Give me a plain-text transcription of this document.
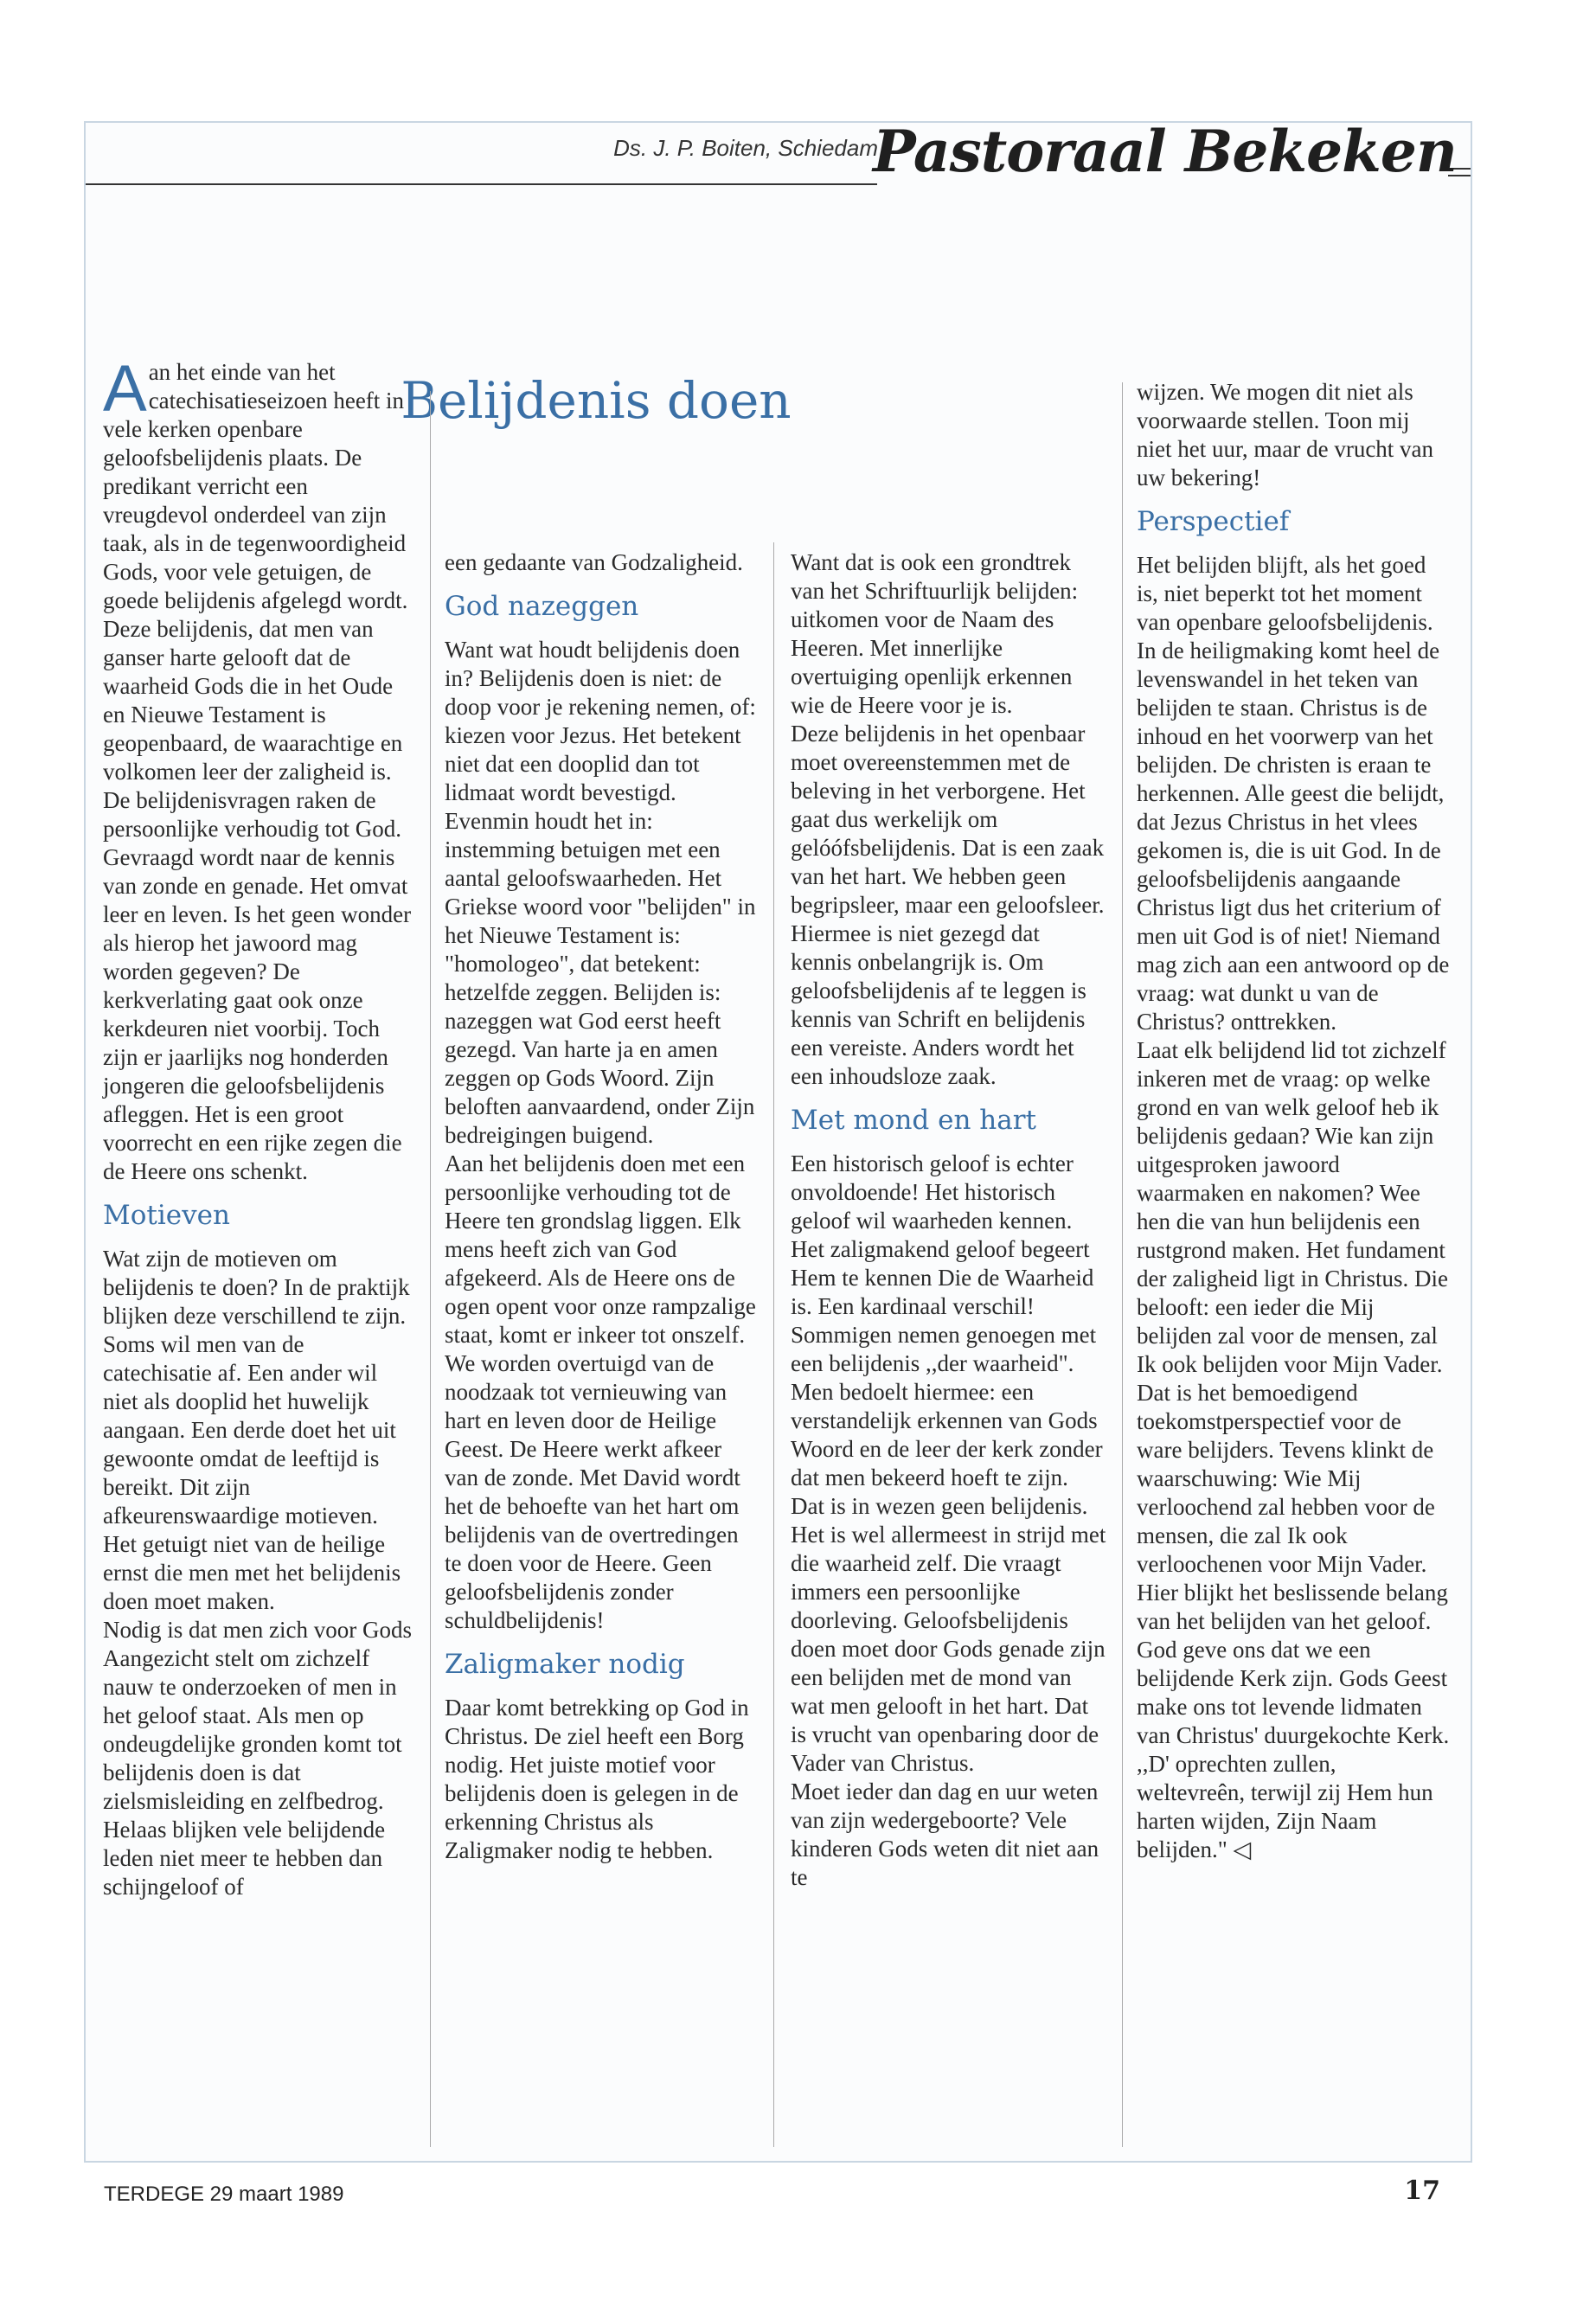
Ds. J. P. Boiten, Schiedam
Pastoraal Bekeken
Belijdenis doen

Aan het einde van het catechisatieseizoen heeft in vele kerken openbare geloofsbelijdenis plaats. De predikant verricht een vreugdevol onderdeel van zijn taak, als in de tegenwoordigheid Gods, voor vele getuigen, de goede belijdenis afgelegd wordt. Deze belijdenis, dat men van ganser harte gelooft dat de waarheid Gods die in het Oude en Nieuwe Testament is geopenbaard, de waarachtige en volkomen leer der zaligheid is. De belijdenisvragen raken de persoonlijke verhoudig tot God. Gevraagd wordt naar de kennis van zonde en genade. Het omvat leer en leven. Is het geen wonder als hierop het jawoord mag worden gegeven? De kerkverlating gaat ook onze kerkdeuren niet voorbij. Toch zijn er jaarlijks nog honderden jongeren die geloofsbelijdenis afleggen. Het is een groot voorrecht en een rijke zegen die de Heere ons schenkt.

Motieven

Wat zijn de motieven om belijdenis te doen? In de praktijk blijken deze verschillend te zijn. Soms wil men van de catechisatie af. Een ander wil niet als dooplid het huwelijk aangaan. Een derde doet het uit gewoonte omdat de leeftijd is bereikt. Dit zijn afkeurenswaardige motieven. Het getuigt niet van de heilige ernst die men met het belijdenis doen moet maken.

Nodig is dat men zich voor Gods Aangezicht stelt om zichzelf nauw te onderzoeken of men in het geloof staat. Als men op ondeugdelijke gronden komt tot belijdenis doen is dat zielsmisleiding en zelfbedrog. Helaas blijken vele belijdende leden niet meer te hebben dan schijngeloof of

een gedaante van Godzaligheid.

God nazeggen

Want wat houdt belijdenis doen in? Belijdenis doen is niet: de doop voor je rekening nemen, of: kiezen voor Jezus. Het betekent niet dat een dooplid dan tot lidmaat wordt bevestigd. Evenmin houdt het in: instemming betuigen met een aantal geloofswaarheden. Het Griekse woord voor "belijden" in het Nieuwe Testament is: "homologeo", dat betekent: hetzelfde zeggen. Belijden is: nazeggen wat God eerst heeft gezegd. Van harte ja en amen zeggen op Gods Woord. Zijn beloften aanvaardend, onder Zijn bedreigingen buigend.

Aan het belijdenis doen met een persoonlijke verhouding tot de Heere ten grondslag liggen. Elk mens heeft zich van God afgekeerd. Als de Heere ons de ogen opent voor onze rampzalige staat, komt er inkeer tot onszelf. We worden overtuigd van de noodzaak tot vernieuwing van hart en leven door de Heilige Geest. De Heere werkt afkeer van de zonde. Met David wordt het de behoefte van het hart om belijdenis van de overtredingen te doen voor de Heere. Geen geloofsbelijdenis zonder schuldbelijdenis!

Zaligmaker nodig

Daar komt betrekking op God in Christus. De ziel heeft een Borg nodig. Het juiste motief voor belijdenis doen is gelegen in de erkenning Christus als Zaligmaker nodig te hebben.

Want dat is ook een grondtrek van het Schriftuurlijk belijden: uitkomen voor de Naam des Heeren. Met innerlijke overtuiging openlijk erkennen wie de Heere voor je is.

Deze belijdenis in het openbaar moet overeenstemmen met de beleving in het verborgene. Het gaat dus werkelijk om gelóófsbelijdenis. Dat is een zaak van het hart. We hebben geen begripsleer, maar een geloofsleer. Hiermee is niet gezegd dat kennis onbelangrijk is. Om geloofsbelijdenis af te leggen is kennis van Schrift en belijdenis een vereiste. Anders wordt het een inhoudsloze zaak.

Met mond en hart

Een historisch geloof is echter onvoldoende! Het historisch geloof wil waarheden kennen. Het zaligmakend geloof begeert Hem te kennen Die de Waarheid is. Een kardinaal verschil! Sommigen nemen genoegen met een belijdenis ,,der waarheid". Men bedoelt hiermee: een verstandelijk erkennen van Gods Woord en de leer der kerk zonder dat men bekeerd hoeft te zijn. Dat is in wezen geen belijdenis. Het is wel allermeest in strijd met die waarheid zelf. Die vraagt immers een persoonlijke doorleving. Geloofsbelijdenis doen moet door Gods genade zijn een belijden met de mond van wat men gelooft in het hart. Dat is vrucht van openbaring door de Vader van Christus.

Moet ieder dan dag en uur weten van zijn wedergeboorte? Vele kinderen Gods weten dit niet aan te

wijzen. We mogen dit niet als voorwaarde stellen. Toon mij niet het uur, maar de vrucht van uw bekering!

Perspectief

Het belijden blijft, als het goed is, niet beperkt tot het moment van openbare geloofsbelijdenis. In de heiligmaking komt heel de levenswandel in het teken van belijden te staan. Christus is de inhoud en het voorwerp van het belijden. De christen is eraan te herkennen. Alle geest die belijdt, dat Jezus Christus in het vlees gekomen is, die is uit God. In de geloofsbelijdenis aangaande Christus ligt dus het criterium of men uit God is of niet! Niemand mag zich aan een antwoord op de vraag: wat dunkt u van de Christus? onttrekken.

Laat elk belijdend lid tot zichzelf inkeren met de vraag: op welke grond en van welk geloof heb ik belijdenis gedaan? Wie kan zijn uitgesproken jawoord waarmaken en nakomen? Wee hen die van hun belijdenis een rustgrond maken. Het fundament der zaligheid ligt in Christus. Die belooft: een ieder die Mij belijden zal voor de mensen, zal Ik ook belijden voor Mijn Vader. Dat is het bemoedigend toekomstperspectief voor de ware belijders. Tevens klinkt de waarschuwing: Wie Mij verloochend zal hebben voor de mensen, die zal Ik ook verloochenen voor Mijn Vader. Hier blijkt het beslissende belang van het belijden van het geloof.

God geve ons dat we een belijdende Kerk zijn. Gods Geest make ons tot levende lidmaten van Christus' duurgekochte Kerk.

,,D' oprechten zullen, weltevreên, terwijl zij Hem hun harten wijden, Zijn Naam belijden." ◁

TERDEGE 29 maart 1989	17
